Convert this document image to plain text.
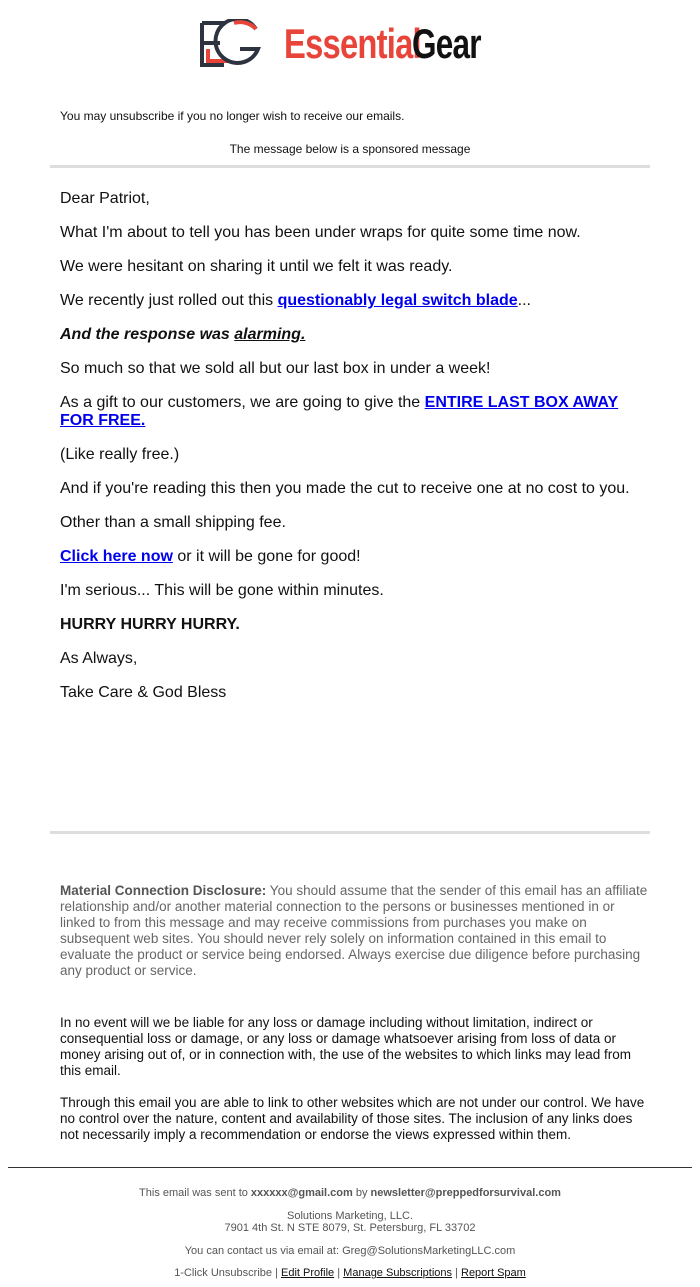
Essential
Gear
You may unsubscribe if you no longer wish to receive our emails.
The message below is a sponsored message

Dear Patriot,

What I'm about to tell you has been under wraps for quite some time now.

We were hesitant on sharing it until we felt it was ready.

We recently just rolled out this questionably legal switch blade...

And the response was alarming.

So much so that we sold all but our last box in under a week!

As a gift to our customers, we are going to give the ENTIRE LAST BOX AWAY FOR FREE.

(Like really free.)

And if you're reading this then you made the cut to receive one at no cost to you.

Other than a small shipping fee.

Click here now or it will be gone for good!

I'm serious... This will be gone within minutes.

HURRY HURRY HURRY.

As Always,

Take Care & God Bless

Material Connection Disclosure: You should assume that the sender of this email has an affiliate relationship and/or another material connection to the persons or businesses mentioned in or linked to from this message and may receive commissions from purchases you make on subsequent web sites. You should never rely solely on information contained in this email to evaluate the product or service being endorsed. Always exercise due diligence before purchasing any product or service.
In no event will we be liable for any loss or damage including without limitation, indirect or consequential loss or damage, or any loss or damage whatsoever arising from loss of data or money arising out of, or in connection with, the use of the websites to which links may lead from this email.
Through this email you are able to link to other websites which are not under our control. We have no control over the nature, content and availability of those sites. The inclusion of any links does not necessarily imply a recommendation or endorse the views expressed within them.
This email was sent to xxxxxx@gmail.com by newsletter@preppedforsurvival.com
Solutions Marketing, LLC.
7901 4th St. N STE 8079, St. Petersburg, FL 33702
You can contact us via email at: Greg@SolutionsMarketingLLC.com
1-Click Unsubscribe | Edit Profile | Manage Subscriptions | Report Spam
